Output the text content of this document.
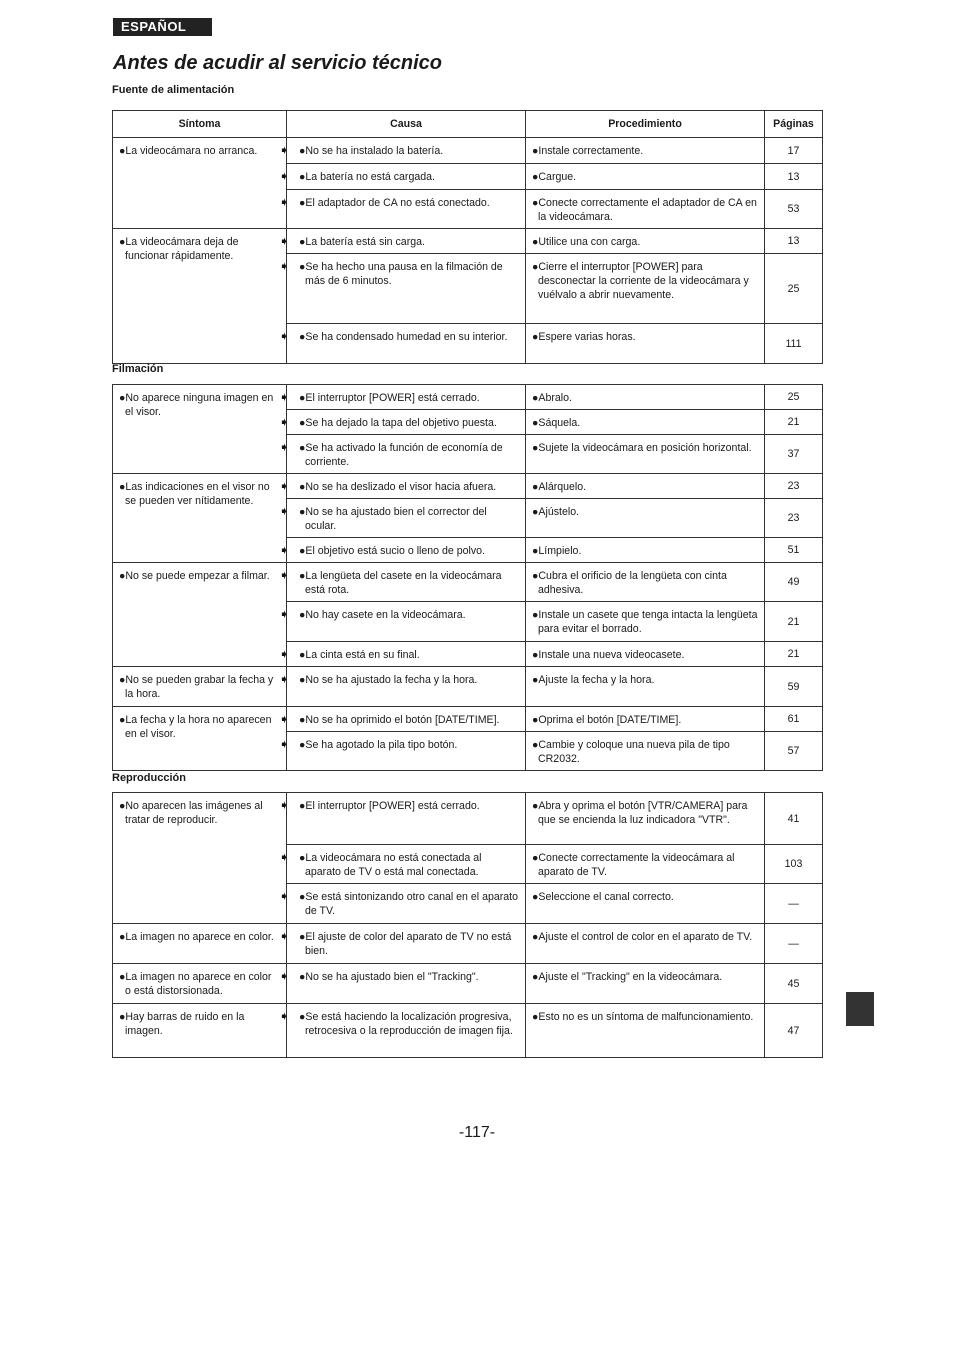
ESPAÑOL
Antes de acudir al servicio técnico
Fuente de alimentación
Síntoma	Causa	Procedimiento	Páginas
●La videocámara no arranca.	➧ ●No se ha instalado la batería.	●Instale correctamente.	17

	➧ ●La batería no está cargada.	●Cargue.	13

	➧ ●El adaptador de CA no está conectado.	●Conecte correctamente el adaptador de CA en la videocámara.	53
●La videocámara deja de funcionar rápidamente.	➧ ●La batería está sin carga.	●Utilice una con carga.	13

	➧ ●Se ha hecho una pausa en la filmación de más de 6 minutos.	●Cierre el interruptor [POWER] para desconectar la corriente de la videocámara y vuélvalo a abrir nuevamente.	25

	➧ ●Se ha condensado humedad en su interior.	●Espere varias horas.	111
Filmación
●No aparece ninguna imagen en el visor.	➧ ●El interruptor [POWER] está cerrado.	●Abralo.	25

	➧ ●Se ha dejado la tapa del objetivo puesta.	●Sáquela.	21

	➧ ●Se ha activado la función de economía de corriente.	●Sujete la videocámara en posición horizontal.	37
●Las indicaciones en el visor no se pueden ver nítidamente.	➧ ●No se ha deslizado el visor hacia afuera.	●Alárquelo.	23

	➧ ●No se ha ajustado bien el corrector del ocular.	●Ajústelo.	23

	➧ ●El objetivo está sucio o lleno de polvo.	●Límpielo.	51
●No se puede empezar a filmar.	➧ ●La lengüeta del casete en la videocámara está rota.	●Cubra el orificio de la lengüeta con cinta adhesiva.	49

	➧ ●No hay casete en la videocámara.	●Instale un casete que tenga intacta la lengüeta para evitar el borrado.	21

	➧ ●La cinta está en su final.	●Instale una nueva videocasete.	21
●No se pueden grabar la fecha y la hora.	➧ ●No se ha ajustado la fecha y la hora.	●Ajuste la fecha y la hora.	59
●La fecha y la hora no aparecen en el visor.	➧ ●No se ha oprimido el botón [DATE/TIME].	●Oprima el botón [DATE/TIME].	61

	➧ ●Se ha agotado la pila tipo botón.	●Cambie y coloque una nueva pila de tipo CR2032.	57
Reproducción
●No aparecen las imágenes al tratar de reproducir.	➧ ●El interruptor [POWER] está cerrado.	●Abra y oprima el botón [VTR/CAMERA] para que se encienda la luz indicadora "VTR".	41

	➧ ●La videocámara no está conectada al aparato de TV o está mal conectada.	●Conecte correctamente la videocámara al aparato de TV.	103

	➧ ●Se está sintonizando otro canal en el aparato de TV.	●Seleccione el canal correcto.	—
●La imagen no aparece en color.	➧ ●El ajuste de color del aparato de TV no está bien.	●Ajuste el control de color en el aparato de TV.	—
●La imagen no aparece en color o está distorsionada.	➧ ●No se ha ajustado bien el "Tracking".	●Ajuste el "Tracking" en la videocámara.	45
●Hay barras de ruido en la imagen.	➧ ●Se está haciendo la localización progresiva, retrocesiva o la reproducción de imagen fija.	●Esto no es un síntoma de malfuncionamiento.	47
-117-
